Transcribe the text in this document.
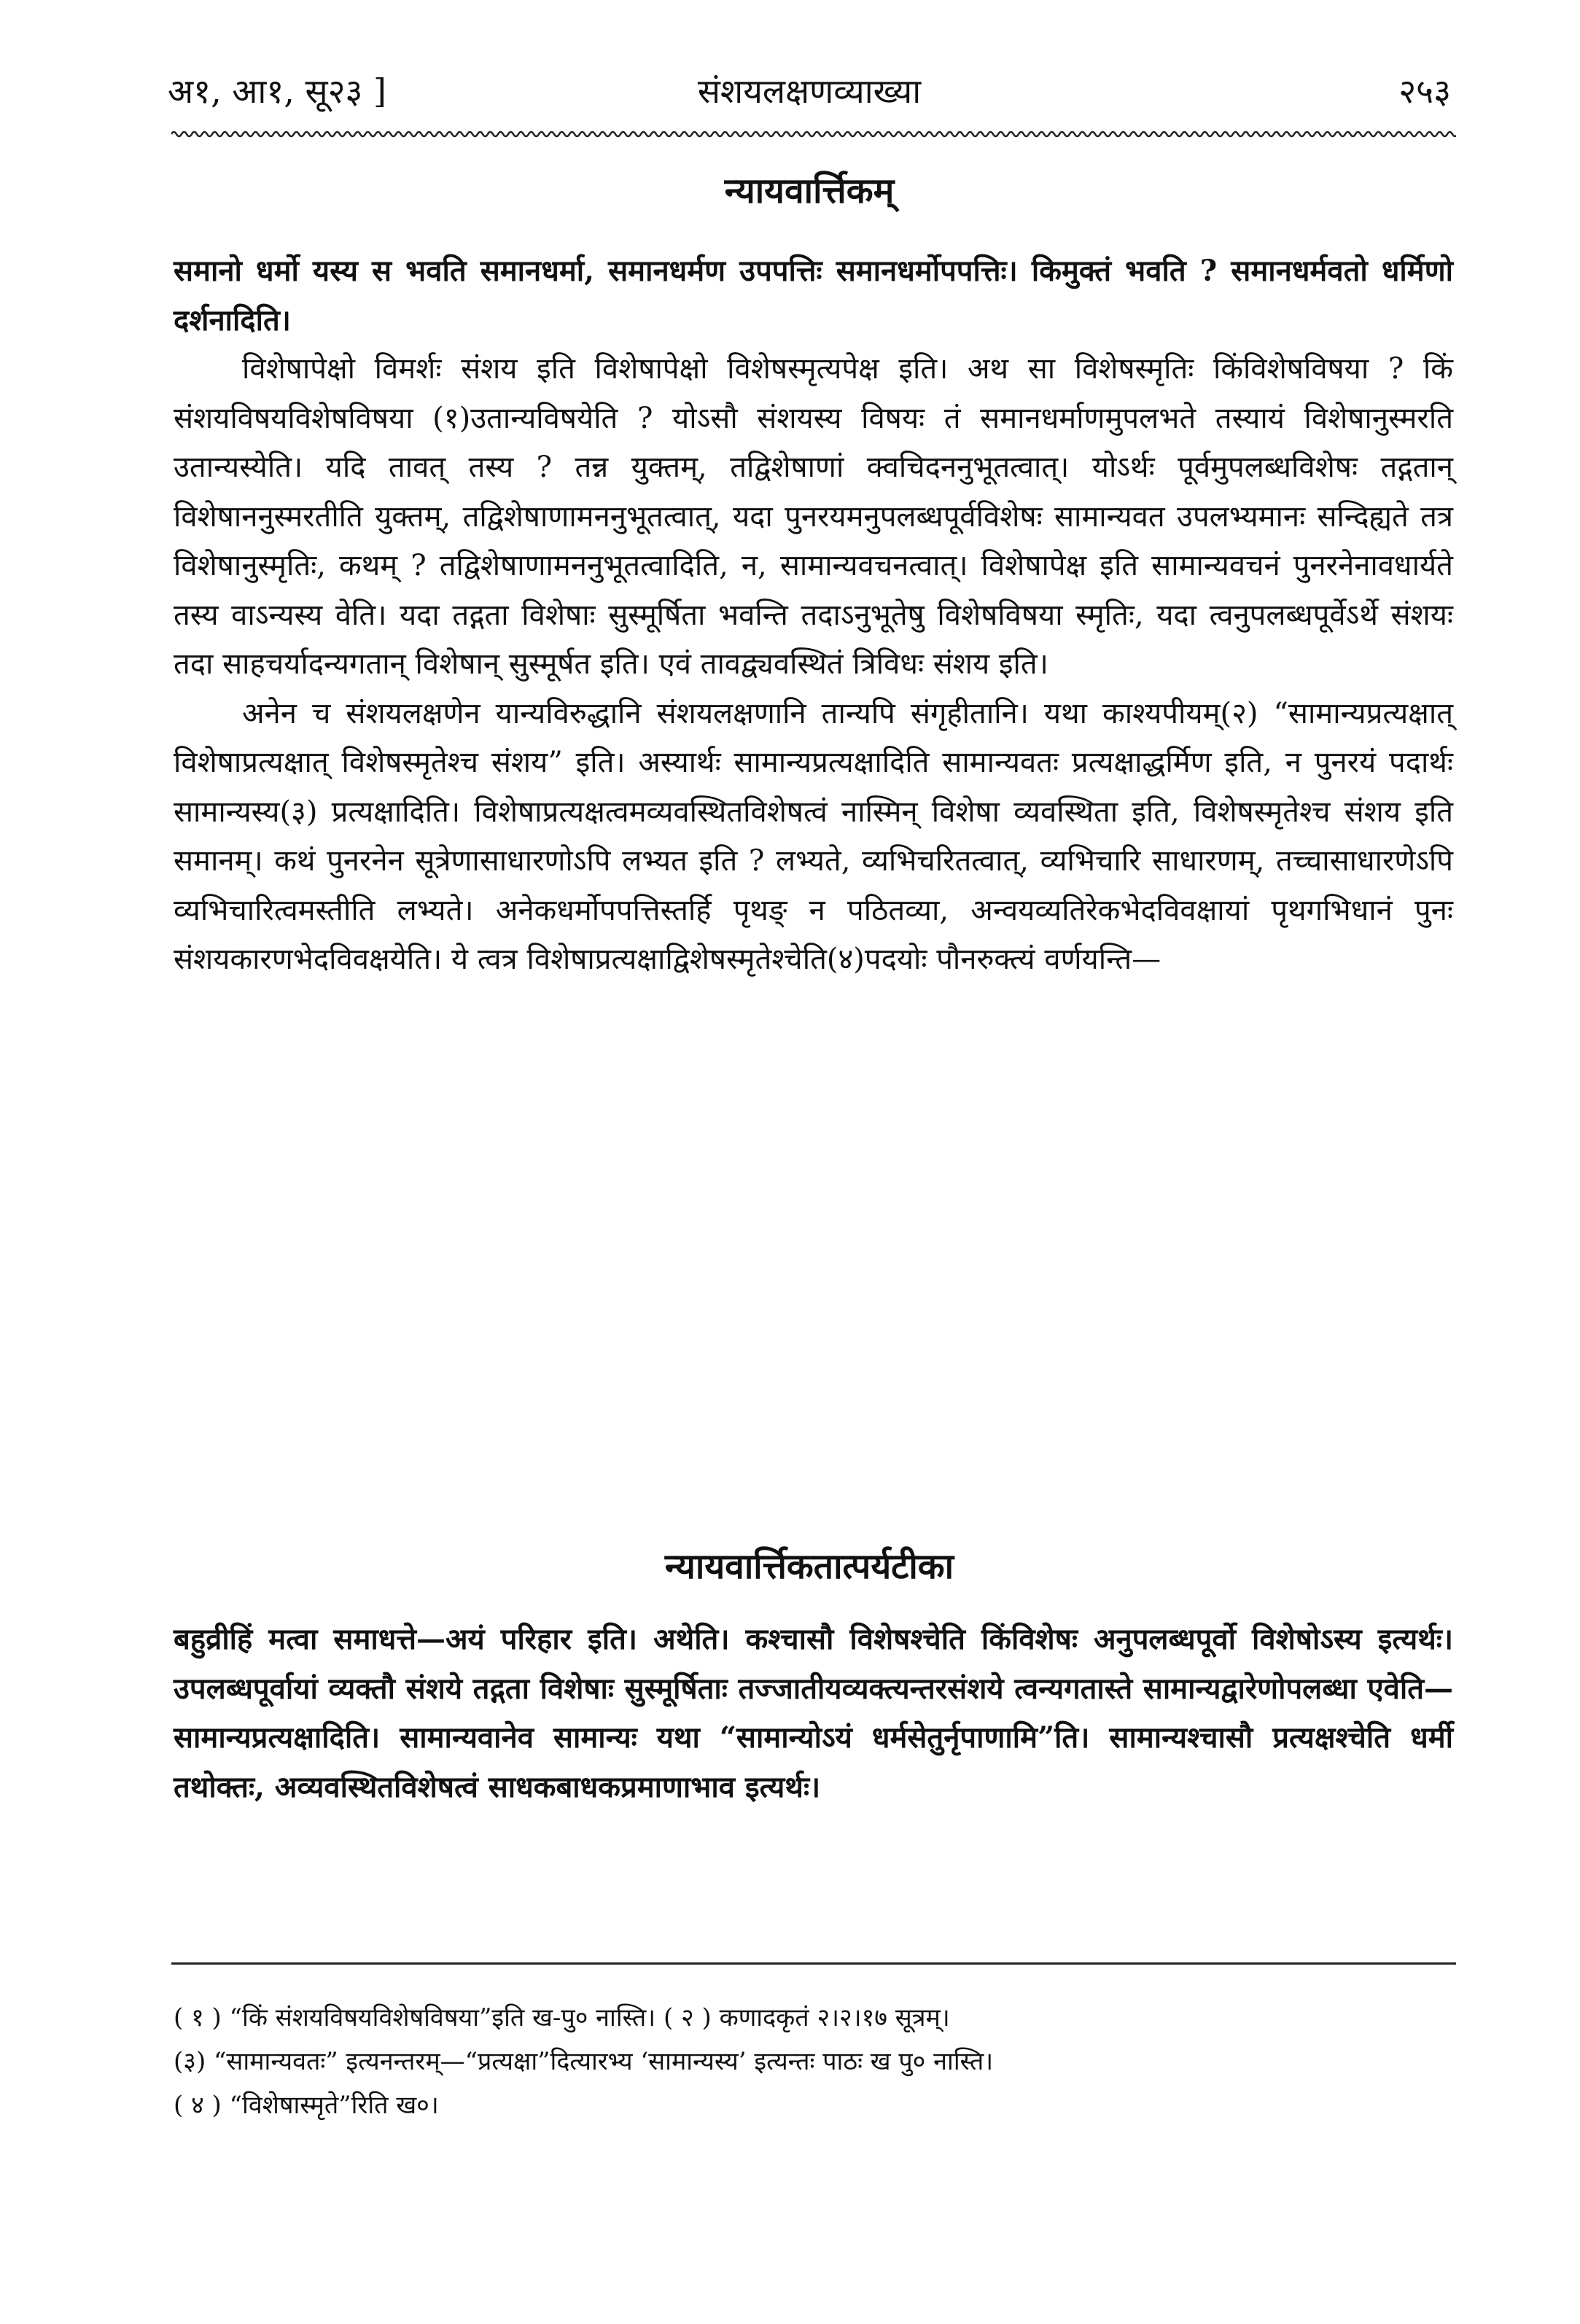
अ१, आ१, सू२३ ]	संशयलक्षणव्याख्या	२५३
न्यायवार्त्तिकम्

समानो धर्मो यस्य स भवति समानधर्मा, समानधर्मण उपपत्तिः समानधर्मोपपत्तिः। किमुक्तं भवति ? समानधर्मवतो धर्मिणो दर्शनादिति।

विशेषापेक्षो विमर्शः संशय इति विशेषापेक्षो विशेषस्मृत्यपेक्ष इति। अथ सा विशेषस्मृतिः किंविशेषविषया ? किं संशयविषयविशेषविषया (१)उतान्यविषयेति ? योऽसौ संशयस्य विषयः तं समानधर्माणमुपलभते तस्यायं विशेषानुस्मरति उतान्यस्येति। यदि तावत् तस्य ? तन्न युक्तम्, तद्विशेषाणां क्वचिदननुभूतत्वात्। योऽर्थः पूर्वमुपलब्धविशेषः तद्गतान् विशेषाननुस्मरतीति युक्तम्, तद्विशेषाणामननुभूतत्वात्, यदा पुनरयमनुपलब्धपूर्वविशेषः सामान्यवत उपलभ्यमानः सन्दिह्यते तत्र विशेषानुस्मृतिः, कथम् ? तद्विशेषाणामननुभूतत्वादिति, न, सामान्यवचनत्वात्। विशेषापेक्ष इति सामान्यवचनं पुनरनेनावधार्यते तस्य वाऽन्यस्य वेति। यदा तद्गता विशेषाः सुस्मूर्षिता भवन्ति तदाऽनुभूतेषु विशेषविषया स्मृतिः, यदा त्वनुपलब्धपूर्वेऽर्थे संशयः तदा साहचर्यादन्यगतान् विशेषान् सुस्मूर्षत इति। एवं तावद्व्यवस्थितं त्रिविधः संशय इति।

अनेन च संशयलक्षणेन यान्यविरुद्धानि संशयलक्षणानि तान्यपि संगृहीतानि। यथा काश्यपीयम्(२) “सामान्यप्रत्यक्षात् विशेषाप्रत्यक्षात् विशेषस्मृतेश्च संशय” इति। अस्यार्थः सामान्यप्रत्यक्षादिति सामान्यवतः प्रत्यक्षाद्धर्मिण इति, न पुनरयं पदार्थः सामान्यस्य(३) प्रत्यक्षादिति। विशेषाप्रत्यक्षत्वमव्यवस्थितविशेषत्वं नास्मिन् विशेषा व्यवस्थिता इति, विशेषस्मृतेश्च संशय इति समानम्। कथं पुनरनेन सूत्रेणासाधारणोऽपि लभ्यत इति ? लभ्यते, व्यभिचरितत्वात्, व्यभिचारि साधारणम्, तच्चासाधारणेऽपि व्यभिचारित्वमस्तीति लभ्यते। अनेकधर्मोपपत्तिस्तर्हि पृथङ् न पठितव्या, अन्वयव्यतिरेकभेदविवक्षायां पृथगभिधानं पुनः संशयकारणभेदविवक्षयेति। ये त्वत्र विशेषाप्रत्यक्षाद्विशेषस्मृतेश्चेति(४)पदयोः पौनरुक्त्यं वर्णयन्ति—

न्यायवार्त्तिकतात्पर्यटीका

बहुव्रीहिं मत्वा समाधत्ते—अयं परिहार इति। अथेति। कश्चासौ विशेषश्चेति किंविशेषः अनुपलब्धपूर्वो विशेषोऽस्य इत्यर्थः। उपलब्धपूर्वायां व्यक्तौ संशये तद्गता विशेषाः सुस्मूर्षिताः तज्जातीयव्यक्त्यन्तरसंशये त्वन्यगतास्ते सामान्यद्वारेणोपलब्धा एवेति—सामान्यप्रत्यक्षादिति। सामान्यवानेव सामान्यः यथा “सामान्योऽयं धर्मसेतुर्नृपाणामि”ति। सामान्यश्चासौ प्रत्यक्षश्चेति धर्मी तथोक्तः, अव्यवस्थितविशेषत्वं साधकबाधकप्रमाणाभाव इत्यर्थः।

( १ ) “किं संशयविषयविशेषविषया”इति ख-पु० नास्ति। ( २ ) कणादकृतं २।२।१७ सूत्रम्।
(३) “सामान्यवतः” इत्यनन्तरम्—“प्रत्यक्षा”दित्यारभ्य ‘सामान्यस्य’ इत्यन्तः पाठः ख पु० नास्ति।
( ४ ) “विशेषास्मृते”रिति ख०।
